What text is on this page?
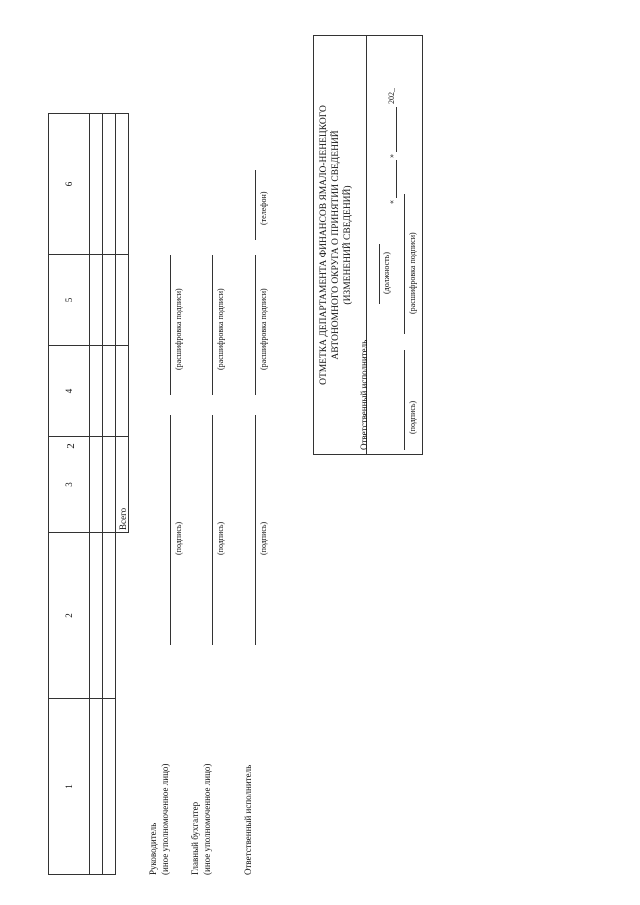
2
1	2	3	4	5	6

Всего
Руководитель (иное уполномоченное лицо)
(подпись)
(расшифровка подписи)
Главный бухгалтер (иное уполномоченное лицо)
(подпись)
(расшифровка подписи)
Ответственный исполнитель
(подпись)
(расшифровка подписи)
(телефон)	ОТМЕТКА ДЕПАРТАМЕНТА ФИНАНСОВ ЯМАЛО-НЕНЕЦКОГО АВТОНОМНОГО ОКРУГА О ПРИНЯТИИ СВЕДЕНИЙ (ИЗМЕНЕНИЙ СВЕДЕНИЙ)
Ответственный исполнитель
(должность)
«
»
202_
(подпись)
(расшифровка подписи)
